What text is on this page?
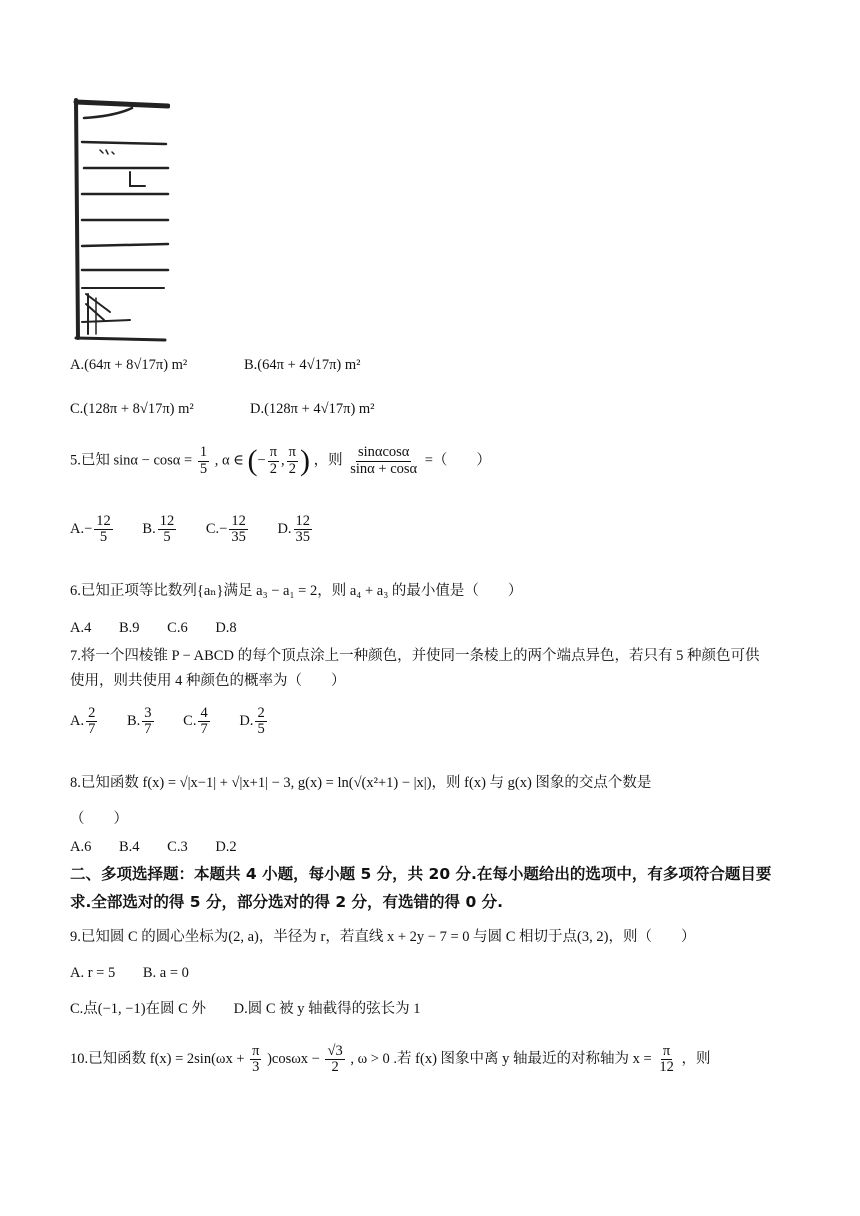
A.(64π + 8√17π) m²	B.(64π + 4√17π) m²
C.(128π + 8√17π) m²	D.(128π + 4√17π) m²
5.已知 $\sin\alpha - \cos\alpha = \frac{1}{5}$ , α ∈ (− $\frac{\pi}{2}$ , $\frac{\pi}{2}$ ) ，则 $\frac{\sin\alpha\cos\alpha}{\sin\alpha + \cos\alpha}$ =（　　）
$A.- \frac{12}{5} B$. $\frac{12}{5} C.- \frac{12}{35} D$. $\frac{12}{35}$
6.已知正项等比数列{aₙ}满足 a₃ − a₁ = 2，则 a₄ + a₃ 的最小值是（　　）
A.4 B.9 C.6 D.8
7.将一个四棱锥 P − ABCD 的每个顶点涂上一种颜色，并使同一条棱上的两个端点异色，若只有 5 种颜色可供
使用，则共使用 4 种颜色的概率为（　　）
A. $\frac{2}{7} B$. $\frac{3}{7} C$. $\frac{4}{7} D$. $\frac{2}{5}$
8.已知函数 f(x) = √|x−1| + √|x+1| − 3, g(x) = ln(√(x²+1) − |x|)，则 f(x) 与 g(x) 图象的交点个数是
（　　）
A.6 B.4 C.3 D.2
二、多项选择题：本题共 4 小题，每小题 5 分，共 20 分.在每小题给出的选项中，有多项符合题目要求.全部选对的得 5 分，部分选对的得 2 分，有选错的得 0 分.
9.已知圆 C 的圆心坐标为(2, a)，半径为 r，若直线 x + 2y − 7 = 0 与圆 C 相切于点(3, 2)，则（　　）
A. r = 5 B. a = 0
C.点(−1, −1)在圆 C 外 D.圆 C 被 y 轴截得的弦长为 1
10.已知函数 $f(x) = 2\sin(\omega x + \frac{\pi}{3} )\cos\omega x - \frac{√3}{2}$ , ω > 0 .若 f(x) 图象中离 y 轴最近的对称轴为 $x = \frac{\pi}{12}$ ，则
